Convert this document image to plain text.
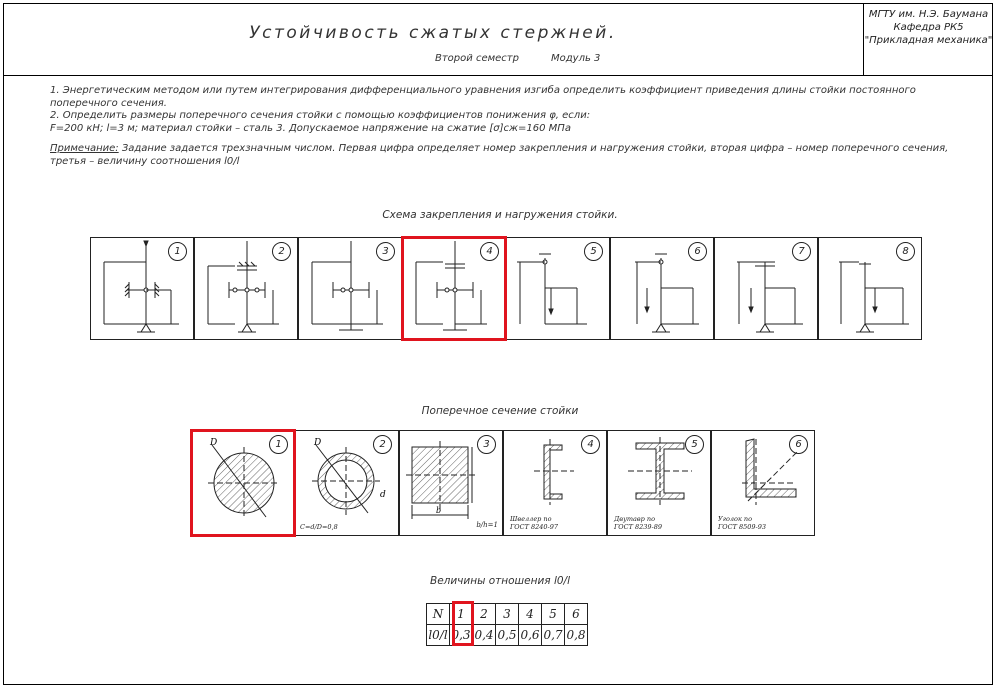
Устойчивость сжатых стержней.
Второй семестр	Модуль 3
МГТУ им. Н.Э. Баумана
Кафедра РК5
"Прикладная механика"

1. Энергетическим методом или путем интегрирования дифференциального уравнения изгиба определить коэффициент приведения длины стойки постоянного поперечного сечения.

2. Определить размеры поперечного сечения стойки с помощью коэффициентов понижения φ, если:

F=200 кН; l=3 м; материал стойки – сталь 3. Допускаемое напряжение на сжатие [σ]сж=160 МПа

Примечание: Задание задается трехзначным числом. Первая цифра определяет номер закрепления и нагружения стойки, вторая цифра – номер поперечного сечения, третья – величину соотношения l0/l

Схема закрепления и нагружения стойки.
1	2	3	4	5	6	7	8
Поперечное сечение стойки
D	1	D
d
C=d/D=0,8
2
b
b/h=1
3
Швеллер по
ГОСТ 8240-97
4
Двутавр по
ГОСТ 8239-89
5
Уголок по
ГОСТ 8509-93
6
Величины отношения l0/l
N	1	2	3	4	5	6
l0/l	0,3	0,4	0,5	0,6	0,7	0,8
